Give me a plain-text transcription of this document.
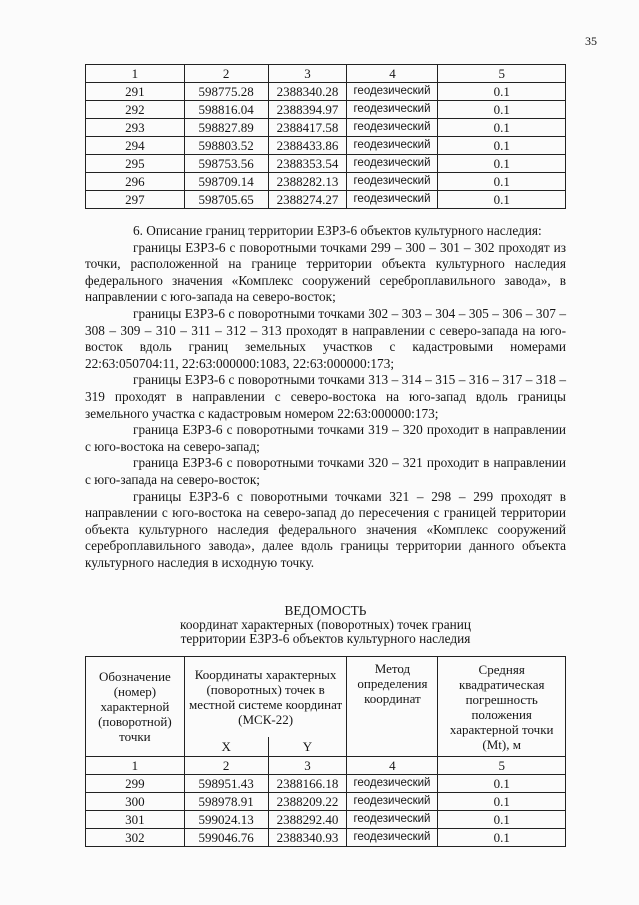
35
1	2	3	4	5
291	598775.28	2388340.28	геодезический	0.1
292	598816.04	2388394.97	геодезический	0.1
293	598827.89	2388417.58	геодезический	0.1
294	598803.52	2388433.86	геодезический	0.1
295	598753.56	2388353.54	геодезический	0.1
296	598709.14	2388282.13	геодезический	0.1
297	598705.65	2388274.27	геодезический	0.1

6. Описание границ территории ЕЗРЗ-6 объектов культурного наследия:

границы ЕЗРЗ-6 с поворотными точками 299 – 300 – 301 – 302 проходят из точки, расположенной на границе территории объекта культурного наследия федерального значения «Комплекс сооружений сереброплавильного завода», в направлении с юго-запада на северо-восток;

границы ЕЗРЗ-6 с поворотными точками 302 – 303 – 304 – 305 – 306 – 307 – 308 – 309 – 310 – 311 – 312 – 313 проходят в направлении с северо-запада на юго-восток вдоль границ земельных участков с кадастровыми номерами 22:63:050704:11, 22:63:000000:1083, 22:63:000000:173;

границы ЕЗРЗ-6 с поворотными точками 313 – 314 – 315 – 316 – 317 – 318 – 319 проходят в направлении с северо-востока на юго-запад вдоль границы земельного участка с кадастровым номером 22:63:000000:173;

граница ЕЗРЗ-6 с поворотными точками 319 – 320 проходит в направлении с юго-востока на северо-запад;

граница ЕЗРЗ-6 с поворотными точками 320 – 321 проходит в направлении с юго-запада на северо-восток;

границы ЕЗРЗ-6 с поворотными точками 321 – 298 – 299 проходят в направлении с юго-востока на северо-запад до пересечения с границей территории объекта культурного наследия федерального значения «Комплекс сооружений сереброплавильного завода», далее вдоль границы территории данного объекта культурного наследия в исходную точку.

ВЕДОМОСТЬ
координат характерных (поворотных) точек границ
территории ЕЗРЗ-6 объектов культурного наследия
Обозначение (номер) характерной (поворотной) точки	Координаты характерных (поворотных) точек в местной системе координат (МСК-22)		Метод определения координат	Средняя квадратическая погрешность положения характерной точки (Mt), м
	X	Y		
1	2	3	4	5
299	598951.43	2388166.18	геодезический	0.1
300	598978.91	2388209.22	геодезический	0.1
301	599024.13	2388292.40	геодезический	0.1
302	599046.76	2388340.93	геодезический	0.1
